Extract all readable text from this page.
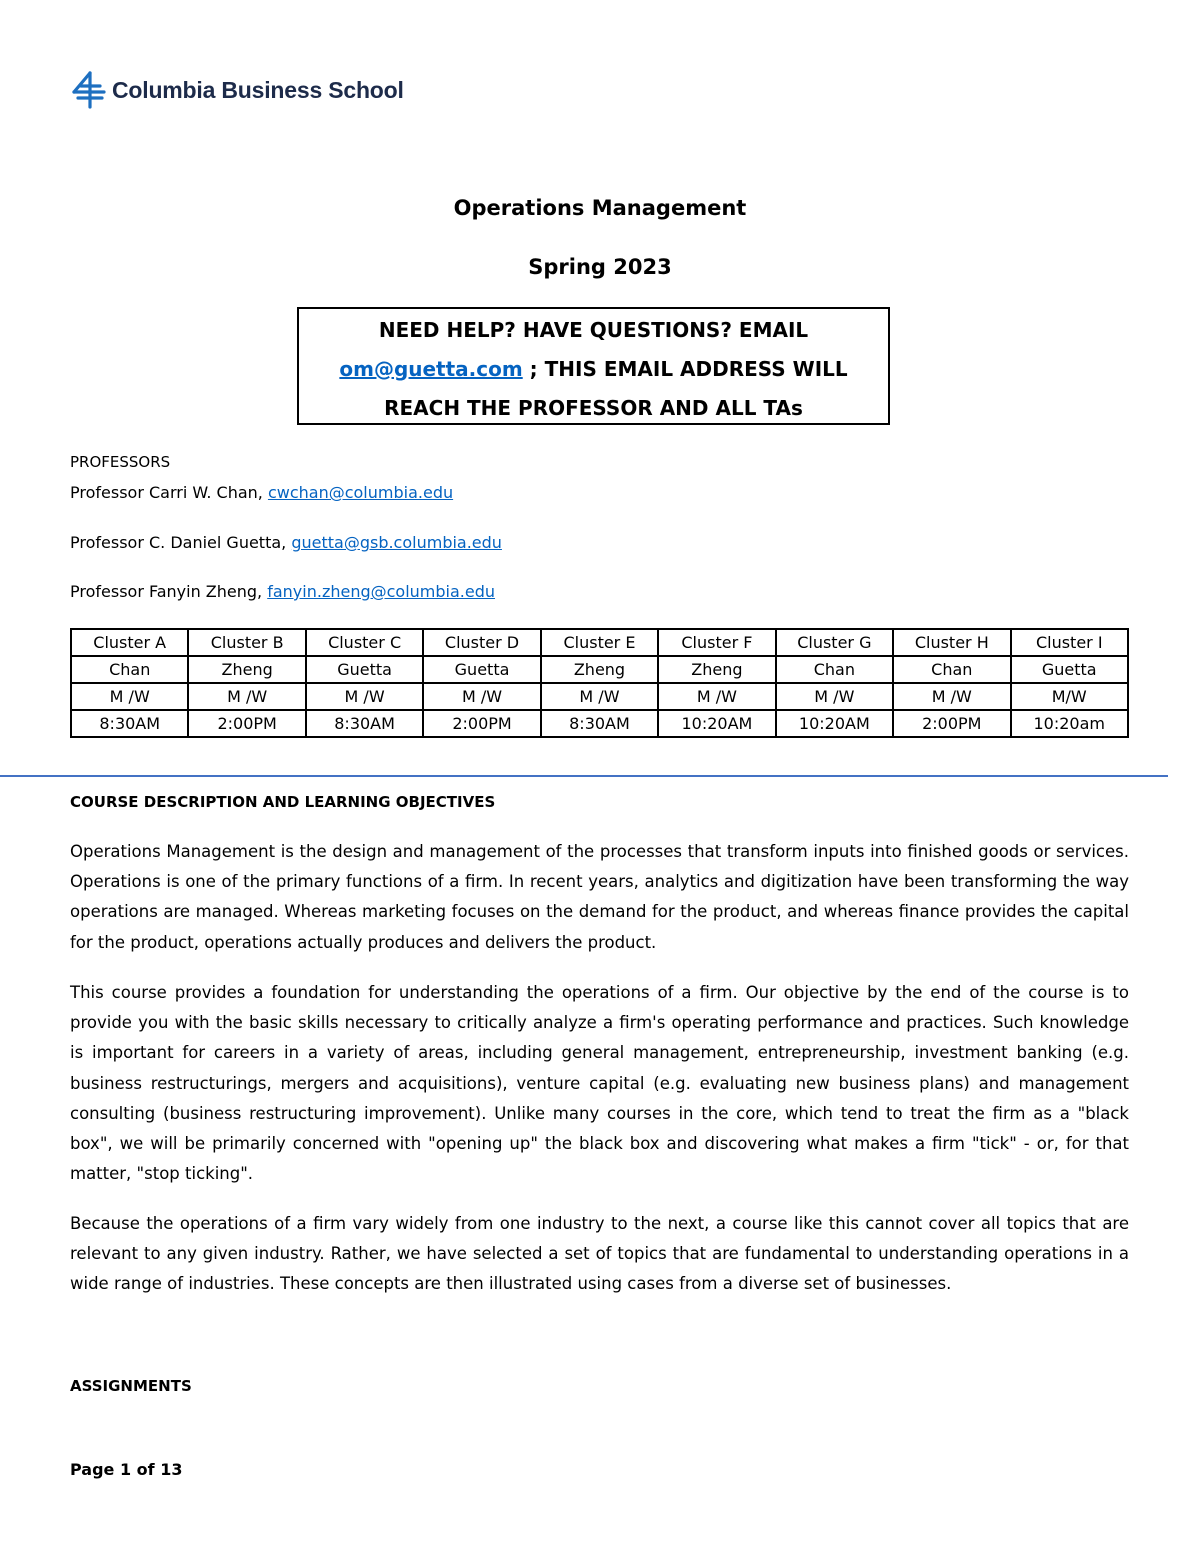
Columbia Business School
Operations Management
Spring 2023
NEED HELP? HAVE QUESTIONS? EMAIL
om@guetta.com ; THIS EMAIL ADDRESS WILL
REACH THE PROFESSOR AND ALL TAs
PROFESSORS
Professor Carri W. Chan, cwchan@columbia.edu
Professor C. Daniel Guetta, guetta@gsb.columbia.edu
Professor Fanyin Zheng, fanyin.zheng@columbia.edu
Cluster A	Cluster B	Cluster C	Cluster D	Cluster E	Cluster F	Cluster G	Cluster H	Cluster I
Chan	Zheng	Guetta	Guetta	Zheng	Zheng	Chan	Chan	Guetta
M /W	M /W	M /W	M /W	M /W	M /W	M /W	M /W	M/W
8:30AM	2:00PM	8:30AM	2:00PM	8:30AM	10:20AM	10:20AM	2:00PM	10:20am
COURSE DESCRIPTION AND LEARNING OBJECTIVES

Operations Management is the design and management of the processes that transform inputs into finished goods or services. Operations is one of the primary functions of a firm. In recent years, analytics and digitization have been transforming the way operations are managed. Whereas marketing focuses on the demand for the product, and whereas finance provides the capital for the product, operations actually produces and delivers the product.

This course provides a foundation for understanding the operations of a firm. Our objective by the end of the course is to provide you with the basic skills necessary to critically analyze a firm's operating performance and practices. Such knowledge is important for careers in a variety of areas, including general management, entrepreneurship, investment banking (e.g. business restructurings, mergers and acquisitions), venture capital (e.g. evaluating new business plans) and management consulting (business restructuring improvement). Unlike many courses in the core, which tend to treat the firm as a "black box", we will be primarily concerned with "opening up" the black box and discovering what makes a firm "tick" - or, for that matter, "stop ticking".

Because the operations of a firm vary widely from one industry to the next, a course like this cannot cover all topics that are relevant to any given industry. Rather, we have selected a set of topics that are fundamental to understanding operations in a wide range of industries. These concepts are then illustrated using cases from a diverse set of businesses.

ASSIGNMENTS
Page 1 of 13
